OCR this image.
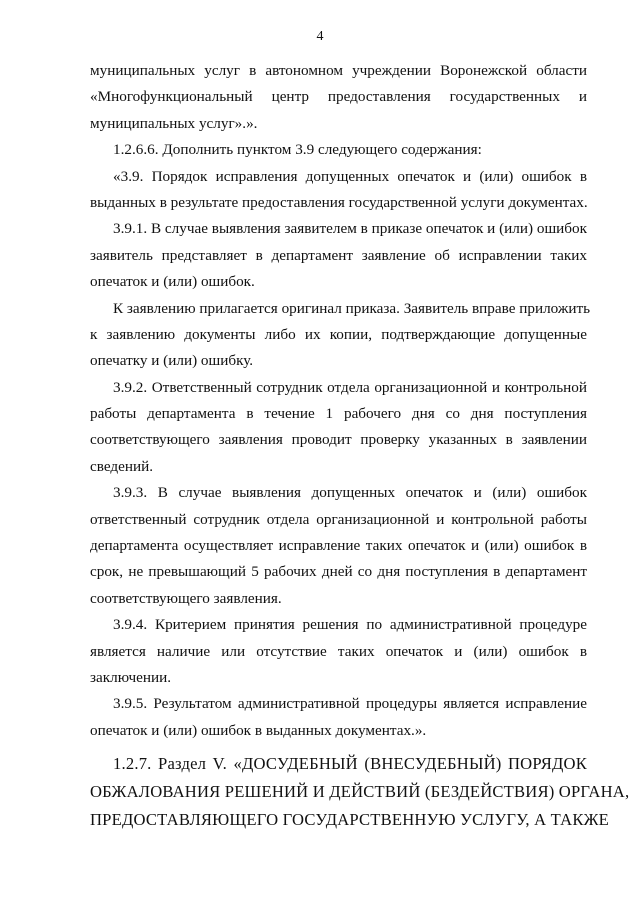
4
муниципальных услуг в автономном учреждении Воронежской области
«Многофункциональный центр предоставления государственных и
муниципальных услуг».».
1.2.6.6. Дополнить пунктом 3.9 следующего содержания:
«3.9. Порядок исправления допущенных опечаток и (или) ошибок в
выданных в результате предоставления государственной услуги документах.
3.9.1. В случае выявления заявителем в приказе опечаток и (или) ошибок
заявитель представляет в департамент заявление об исправлении таких
опечаток и (или) ошибок.
К заявлению прилагается оригинал приказа. Заявитель вправе приложить
к заявлению документы либо их копии, подтверждающие допущенные
опечатку и (или) ошибку.
3.9.2. Ответственный сотрудник отдела организационной и контрольной
работы департамента в течение 1 рабочего дня со дня поступления
соответствующего заявления проводит проверку указанных в заявлении
сведений.
3.9.3. В случае выявления допущенных опечаток и (или) ошибок
ответственный сотрудник отдела организационной и контрольной работы
департамента осуществляет исправление таких опечаток и (или) ошибок в
срок, не превышающий 5 рабочих дней со дня поступления в департамент
соответствующего заявления.
3.9.4. Критерием принятия решения по административной процедуре
является наличие или отсутствие таких опечаток и (или) ошибок в
заключении.
3.9.5. Результатом административной процедуры является исправление
опечаток и (или) ошибок в выданных документах.».
1.2.7. Раздел V. «ДОСУДЕБНЫЙ (ВНЕСУДЕБНЫЙ) ПОРЯДОК
ОБЖАЛОВАНИЯ РЕШЕНИЙ И ДЕЙСТВИЙ (БЕЗДЕЙСТВИЯ) ОРГАНА,
ПРЕДОСТАВЛЯЮЩЕГО ГОСУДАРСТВЕННУЮ УСЛУГУ, А ТАКЖЕ
